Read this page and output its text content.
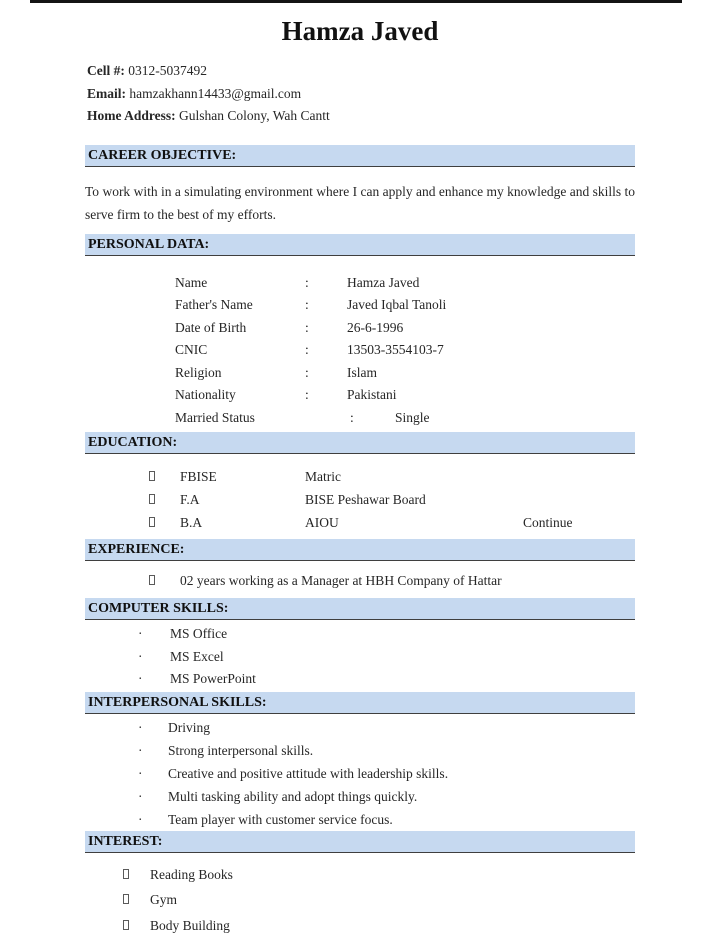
Hamza Javed
Cell #: 0312-5037492
Email: hamzakhann14433@gmail.com
Home Address: Gulshan Colony, Wah Cantt
CAREER OBJECTIVE:

To work with in a simulating environment where I can apply and enhance my knowledge and skills to serve firm to the best of my efforts.

PERSONAL DATA:
Name	:	Hamza Javed
Father's Name	:	Javed Iqbal Tanoli
Date of Birth	:	26-6-1996
CNIC	:	13503-3554103-7
Religion	:	Islam
Nationality	:	Pakistani
Married Status	:	Single
EDUCATION:
FBISE	Matric
F.A	BISE Peshawar Board
B.A	AIOU	Continue
EXPERIENCE:
02 years working as a Manager at HBH Company of Hattar
COMPUTER SKILLS:
·	MS Office
·	MS Excel
·	MS PowerPoint
INTERPERSONAL SKILLS:
·	Driving
·	Strong interpersonal skills.
·	Creative and positive attitude with leadership skills.
·	Multi tasking ability and adopt things quickly.
·	Team player with customer service focus.
INTEREST:
Reading Books
Gym
Body Building
